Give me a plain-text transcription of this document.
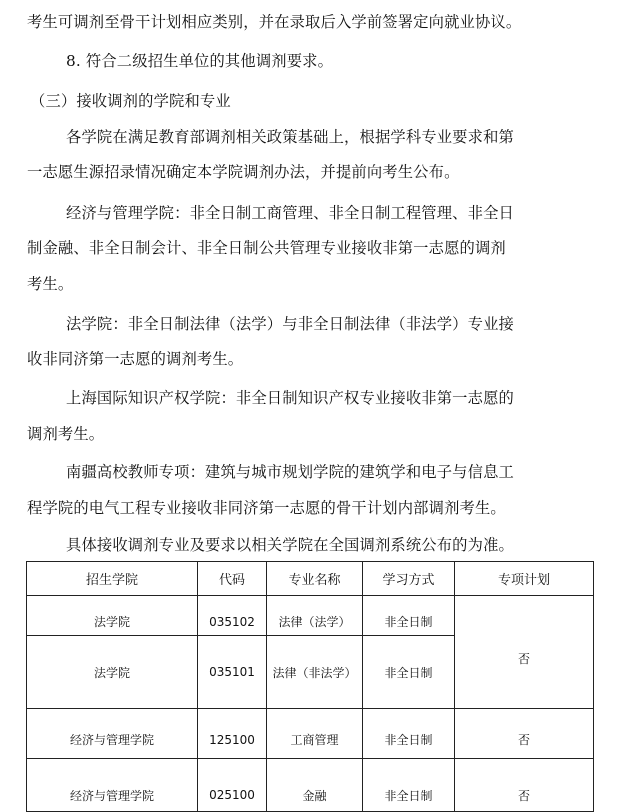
考生可调剂至骨干计划相应类别，并在录取后入学前签署定向就业协议。
8. 符合二级招生单位的其他调剂要求。
（三）接收调剂的学院和专业
各学院在满足教育部调剂相关政策基础上，根据学科专业要求和第
一志愿生源招录情况确定本学院调剂办法，并提前向考生公布。
经济与管理学院：非全日制工商管理、非全日制工程管理、非全日
制金融、非全日制会计、非全日制公共管理专业接收非第一志愿的调剂
考生。
法学院：非全日制法律（法学）与非全日制法律（非法学）专业接
收非同济第一志愿的调剂考生。
上海国际知识产权学院：非全日制知识产权专业接收非第一志愿的
调剂考生。
南疆高校教师专项：建筑与城市规划学院的建筑学和电子与信息工
程学院的电气工程专业接收非同济第一志愿的骨干计划内部调剂考生。
具体接收调剂专业及要求以相关学院在全国调剂系统公布的为准。
招生学院	代码	专业名称	学习方式	专项计划
法学院	035102	法律（法学）	非全日制	否
法学院	035101	法律（非法学）	非全日制	
经济与管理学院	125100	工商管理	非全日制	否
经济与管理学院	025100	金融	非全日制	否
